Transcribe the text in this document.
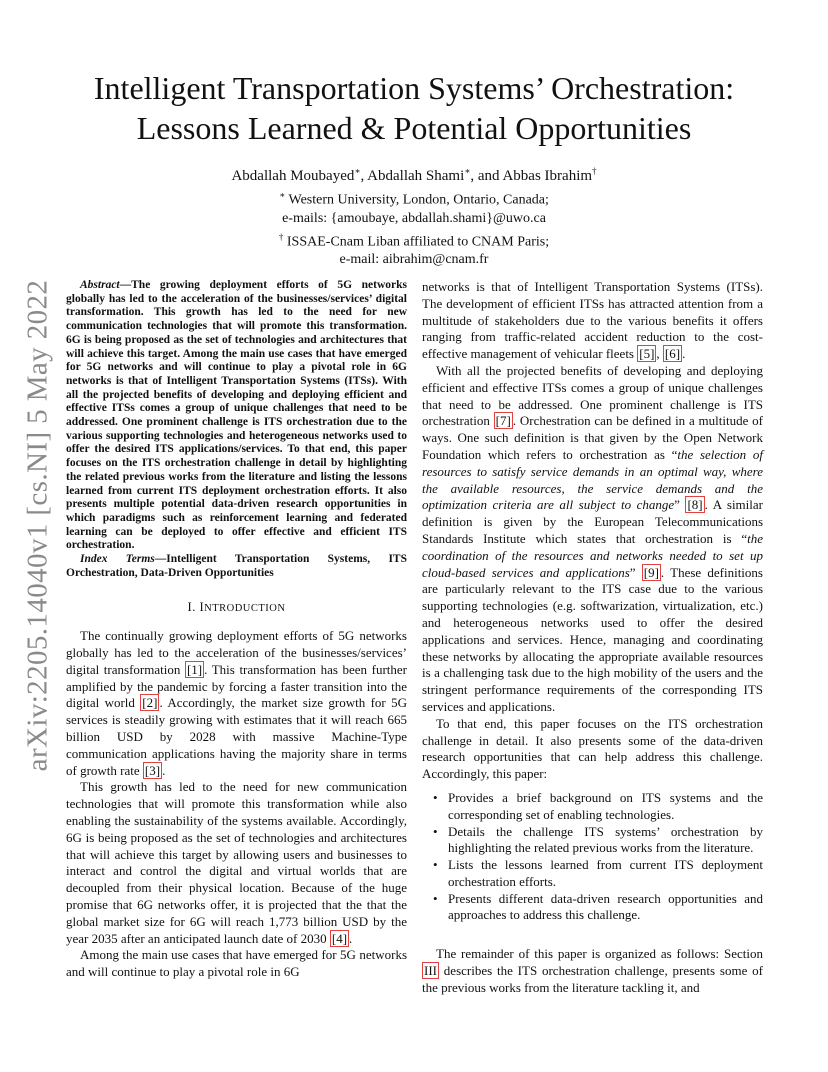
arXiv:2205.14040v1 [cs.NI] 5 May 2022
Intelligent Transportation Systems’ Orchestration:
Lessons Learned & Potential Opportunities
Abdallah Moubayed∗, Abdallah Shami∗, and Abbas Ibrahim†
∗ Western University, London, Ontario, Canada;
e-mails: {amoubaye, abdallah.shami}@uwo.ca
† ISSAE-Cnam Liban affiliated to CNAM Paris;
e-mail: aibrahim@cnam.fr

Abstract—The growing deployment efforts of 5G networks globally has led to the acceleration of the businesses/services’ digital transformation. This growth has led to the need for new communication technologies that will promote this transformation. 6G is being proposed as the set of technologies and architectures that will achieve this target. Among the main use cases that have emerged for 5G networks and will continue to play a pivotal role in 6G networks is that of Intelligent Transportation Systems (ITSs). With all the projected benefits of developing and deploying efficient and effective ITSs comes a group of unique challenges that need to be addressed. One prominent challenge is ITS orchestration due to the various supporting technologies and heterogeneous networks used to offer the desired ITS applications/services. To that end, this paper focuses on the ITS orchestration challenge in detail by highlighting the related previous works from the literature and listing the lessons learned from current ITS deployment orchestration efforts. It also presents multiple potential data-driven research opportunities in which paradigms such as reinforcement learning and federated learning can be deployed to offer effective and efficient ITS orchestration.

Index Terms—Intelligent Transportation Systems, ITS Orchestration, Data-Driven Opportunities

I. INTRODUCTION

The continually growing deployment efforts of 5G networks globally has led to the acceleration of the businesses/services’ digital transformation [1] . This transformation has been further amplified by the pandemic by forcing a faster transition into the digital world [2] . Accordingly, the market size growth for 5G services is steadily growing with estimates that it will reach 665 billion USD by 2028 with massive Machine-Type communication applications having the majority share in terms of growth rate [3] .

This growth has led to the need for new communication technologies that will promote this transformation while also enabling the sustainability of the systems available. Accordingly, 6G is being proposed as the set of technologies and architectures that will achieve this target by allowing users and businesses to interact and control the digital and virtual worlds that are decoupled from their physical location. Because of the huge promise that 6G networks offer, it is projected that the that the global market size for 6G will reach 1,773 billion USD by the year 2035 after an anticipated launch date of 2030 [4] .

Among the main use cases that have emerged for 5G networks and will continue to play a pivotal role in 6G

networks is that of Intelligent Transportation Systems (ITSs). The development of efficient ITSs has attracted attention from a multitude of stakeholders due to the various benefits it offers ranging from traffic-related accident reduction to the cost-effective management of vehicular fleets [5] , [6] .

With all the projected benefits of developing and deploying efficient and effective ITSs comes a group of unique challenges that need to be addressed. One prominent challenge is ITS orchestration [7] . Orchestration can be defined in a multitude of ways. One such definition is that given by the Open Network Foundation which refers to orchestration as “the selection of resources to satisfy service demands in an optimal way, where the available resources, the service demands and the optimization criteria are all subject to change” [8] . A similar definition is given by the European Telecommunications Standards Institute which states that orchestration is “the coordination of the resources and networks needed to set up cloud-based services and applications” [9] . These definitions are particularly relevant to the ITS case due to the various supporting technologies (e.g. softwarization, virtualization, etc.) and heterogeneous networks used to offer the desired applications and services. Hence, managing and coordinating these networks by allocating the appropriate available resources is a challenging task due to the high mobility of the users and the stringent performance requirements of the corresponding ITS services and applications.

To that end, this paper focuses on the ITS orchestration challenge in detail. It also presents some of the data-driven research opportunities that can help address this challenge. Accordingly, this paper:

• Provides a brief background on ITS systems and the corresponding set of enabling technologies.
• Details the challenge ITS systems’ orchestration by highlighting the related previous works from the literature.
• Lists the lessons learned from current ITS deployment orchestration efforts.
• Presents different data-driven research opportunities and approaches to address this challenge.

The remainder of this paper is organized as follows: Section III describes the ITS orchestration challenge, presents some of the previous works from the literature tackling it, and
